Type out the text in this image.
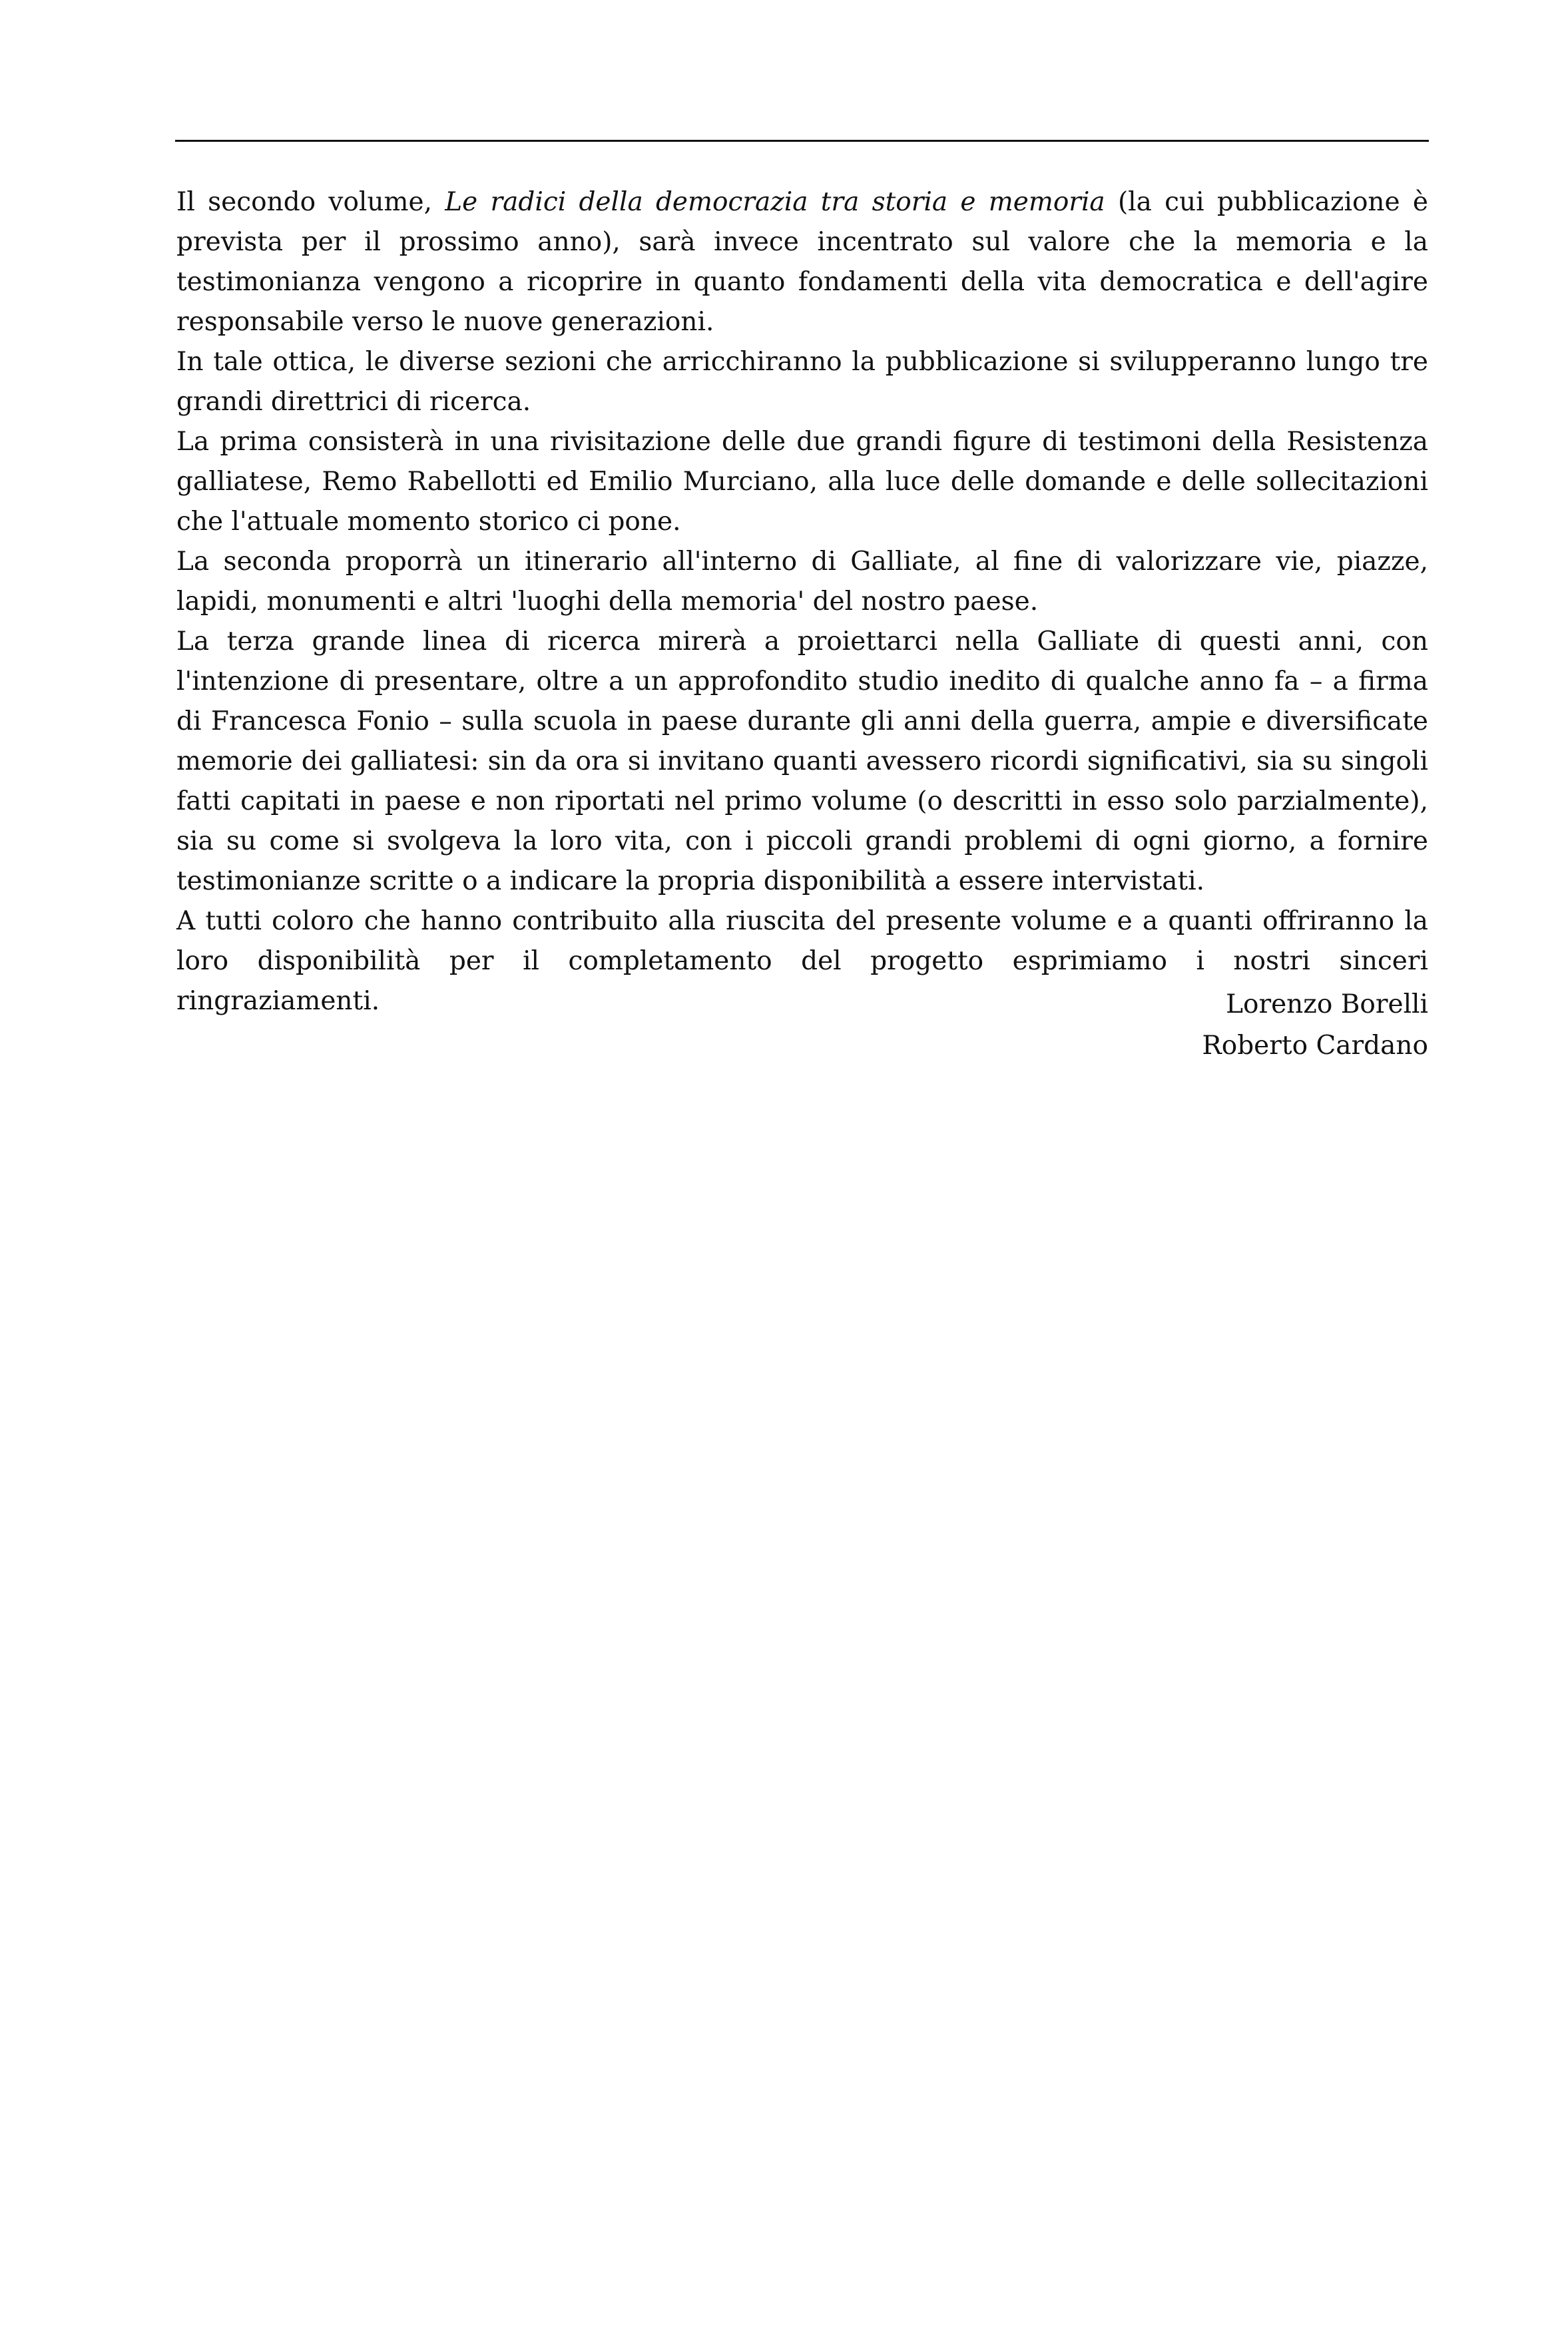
Il secondo volume, Le radici della democrazia tra storia e memoria (la cui pubblicazione è prevista per il prossimo anno), sarà invece incentrato sul valore che la memoria e la testimonianza vengono a ricoprire in quanto fondamenti della vita democratica e dell'agire responsabile verso le nuove generazioni.

In tale ottica, le diverse sezioni che arricchiranno la pubblicazione si svilupperanno lungo tre grandi direttrici di ricerca.

La prima consisterà in una rivisitazione delle due grandi figure di testimoni della Resistenza galliatese, Remo Rabellotti ed Emilio Murciano, alla luce delle domande e delle sollecitazioni che l'attuale momento storico ci pone.

La seconda proporrà un itinerario all'interno di Galliate, al fine di valorizzare vie, piazze, lapidi, monumenti e altri 'luoghi della memoria' del nostro paese.

La terza grande linea di ricerca mirerà a proiettarci nella Galliate di questi anni, con l'intenzione di presentare, oltre a un approfondito studio inedito di qualche anno fa – a firma di Francesca Fonio – sulla scuola in paese durante gli anni della guerra, ampie e diversificate memorie dei galliatesi: sin da ora si invitano quanti avessero ricordi significativi, sia su singoli fatti capitati in paese e non riportati nel primo volume (o descritti in esso solo parzialmente), sia su come si svolgeva la loro vita, con i piccoli grandi problemi di ogni giorno, a fornire testimonianze scritte o a indicare la propria disponibilità a essere intervistati.

A tutti coloro che hanno contribuito alla riuscita del presente volume e a quanti offriranno la loro disponibilità per il completamento del progetto esprimiamo i nostri sinceri ringraziamenti.	Lorenzo Borelli
Roberto Cardano
